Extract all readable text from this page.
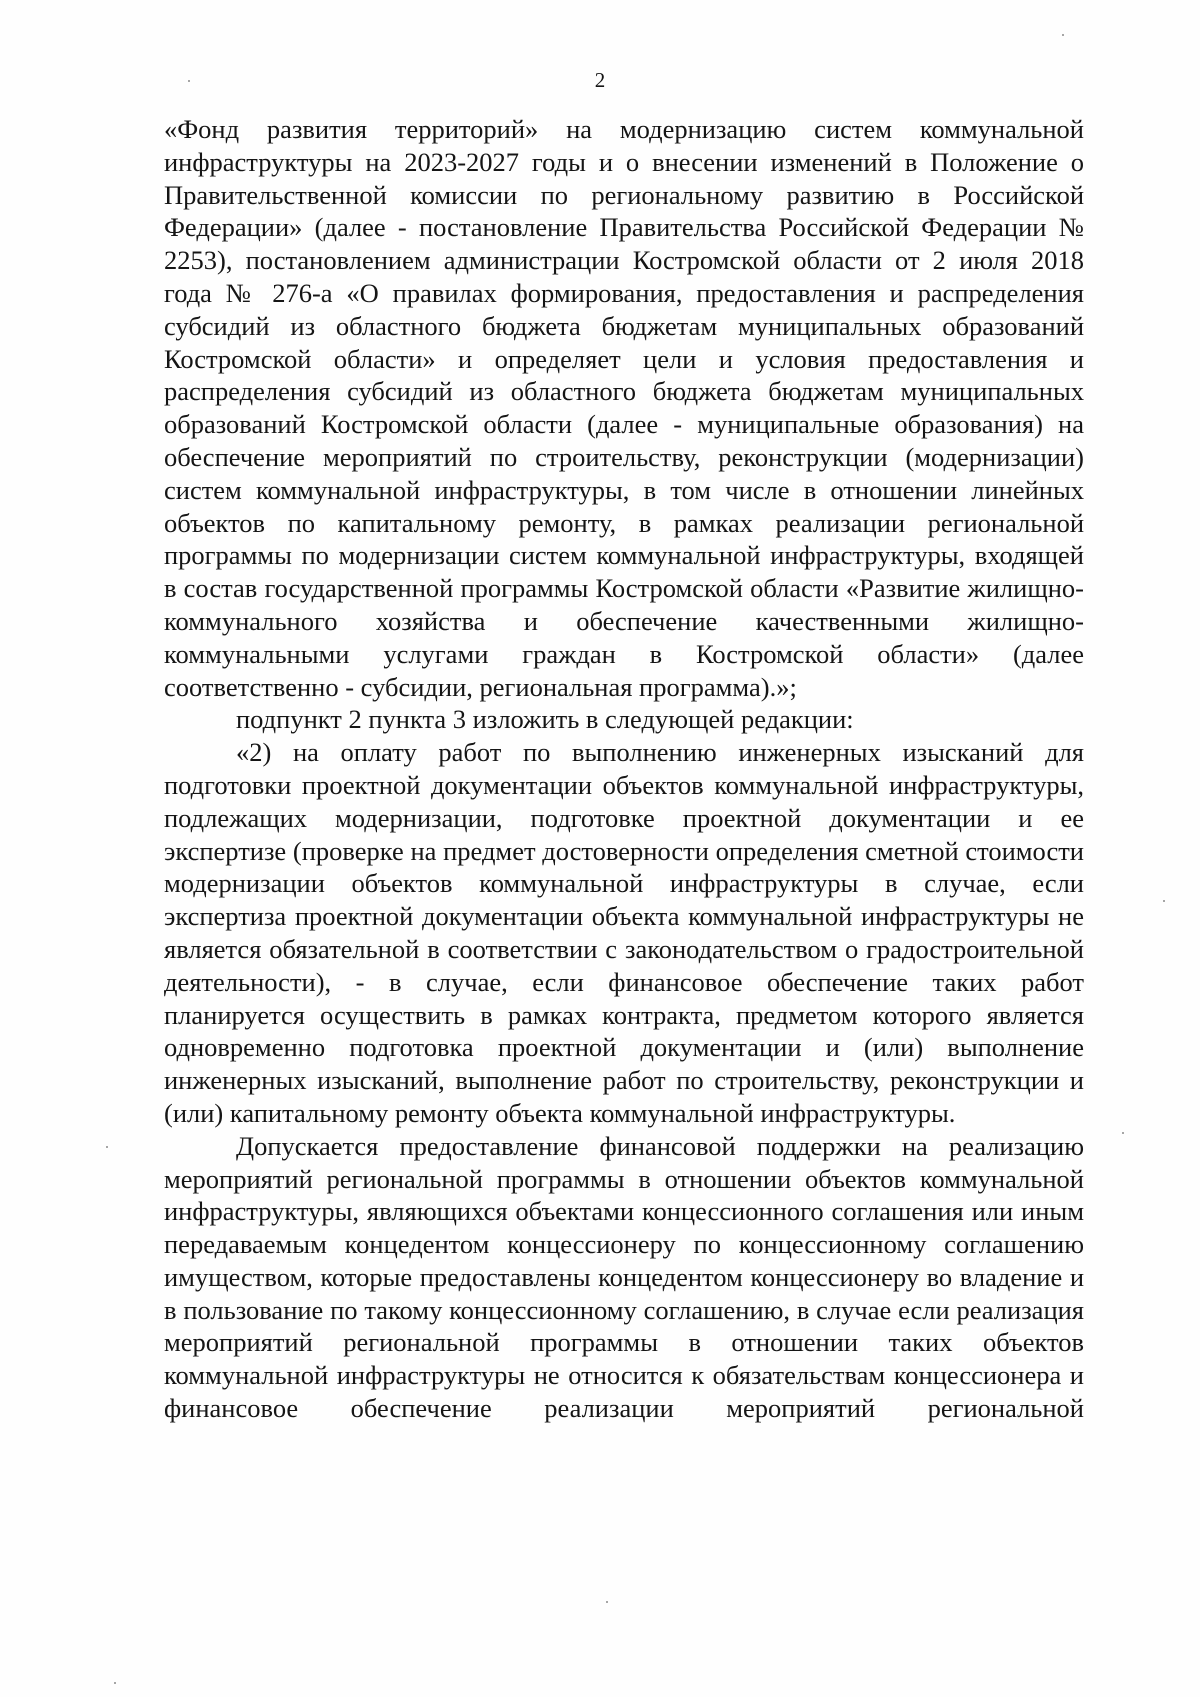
2

«Фонд развития территорий» на модернизацию систем коммунальной инфраструктуры на 2023-2027 годы и о внесении изменений в Положение о Правительственной комиссии по региональному развитию в Российской Федерации» (далее - постановление Правительства Российской Федерации № 2253), постановлением администрации Костромской области от 2 июля 2018 года № 276-а «О правилах формирования, предоставления и распределения субсидий из областного бюджета бюджетам муниципальных образований Костромской области» и определяет цели и условия предоставления и распределения субсидий из областного бюджета бюджетам муниципальных образований Костромской области (далее - муниципальные образования) на обеспечение мероприятий по строительству, реконструкции (модернизации) систем коммунальной инфраструктуры, в том числе в отношении линейных объектов по капитальному ремонту, в рамках реализации региональной программы по модернизации систем коммунальной инфраструктуры, входящей в состав государственной программы Костромской области «Развитие жилищно-коммунального хозяйства и обеспечение качественными жилищно-коммунальными услугами граждан в Костромской области» (далее соответственно - субсидии, региональная программа).»;

подпункт 2 пункта 3 изложить в следующей редакции:

«2) на оплату работ по выполнению инженерных изысканий для подготовки проектной документации объектов коммунальной инфраструктуры, подлежащих модернизации, подготовке проектной документации и ее экспертизе (проверке на предмет достоверности определения сметной стоимости модернизации объектов коммунальной инфраструктуры в случае, если экспертиза проектной документации объекта коммунальной инфраструктуры не является обязательной в соответствии с законодательством о градостроительной деятельности), - в случае, если финансовое обеспечение таких работ планируется осуществить в рамках контракта, предметом которого является одновременно подготовка проектной документации и (или) выполнение инженерных изысканий, выполнение работ по строительству, реконструкции и (или) капитальному ремонту объекта коммунальной инфраструктуры.

Допускается предоставление финансовой поддержки на реализацию мероприятий региональной программы в отношении объектов коммунальной инфраструктуры, являющихся объектами концессионного соглашения или иным передаваемым концедентом концессионеру по концессионному соглашению имуществом, которые предоставлены концедентом концессионеру во владение и в пользование по такому концессионному соглашению, в случае если реализация мероприятий региональной программы в отношении таких объектов коммунальной инфраструктуры не относится к обязательствам концессионера и финансовое обеспечение реализации мероприятий региональной
